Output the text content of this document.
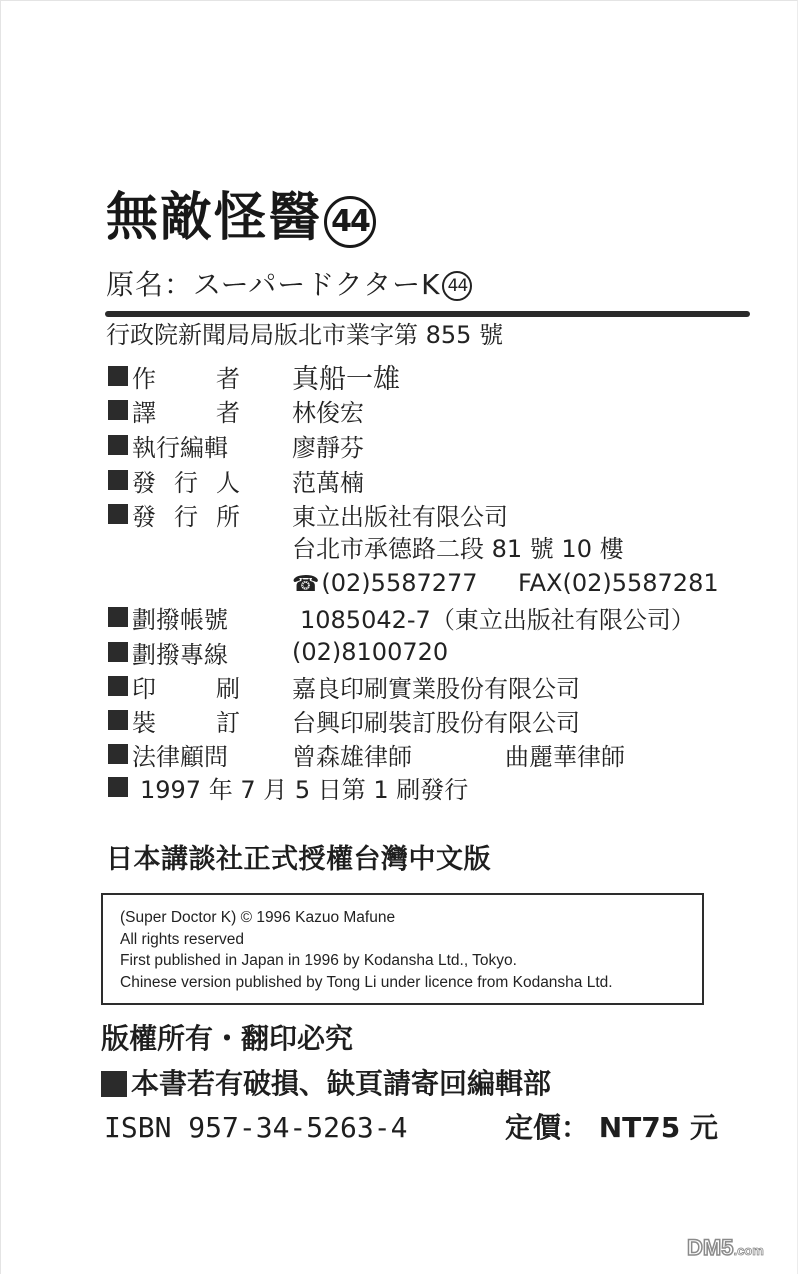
無敵怪醫 44
原名：スーパードクターK 44
行政院新聞局局版北市業字第 855 號
作	者 真船一雄
譯	者 林俊宏
執行編輯	廖靜芬
發 行 人 范萬楠
發 行 所 東立出版社有限公司
台北市承德路二段 81 號 10 樓
☎(02)5587277 FAX(02)5587281
劃撥帳號	1085042-7（東立出版社有限公司）
劃撥專線	(02)8100720
印	刷 嘉良印刷實業股份有限公司
裝	訂 台興印刷裝訂股份有限公司
法律顧問	曾森雄律師	曲麗華律師
1997 年 7 月 5 日第 1 刷發行
日本講談社正式授權台灣中文版
(Super Doctor K) © 1996 Kazuo Mafune
All rights reserved
First published in Japan in 1996 by Kodansha Ltd., Tokyo.
Chinese version published by Tong Li under licence from Kodansha Ltd.
版權所有・翻印必究
本書若有破損、缺頁請寄回編輯部
ISBN 957-34-5263-4	定價： NT75 元
DM5.com
